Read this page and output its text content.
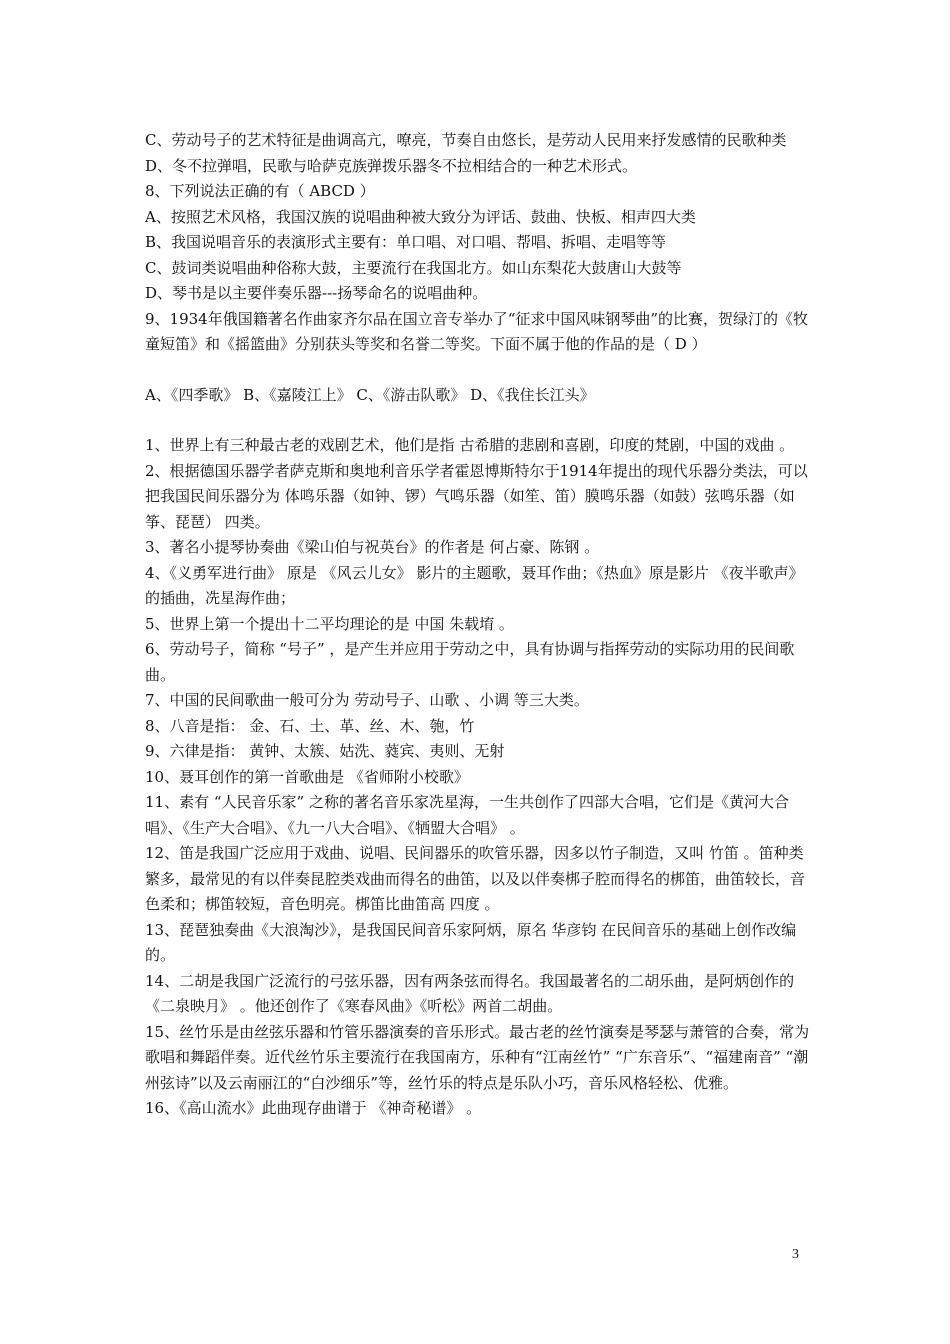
C、劳动号子的艺术特征是曲调高亢，嘹亮，节奏自由悠长，是劳动人民用来抒发感情的民歌种类

D、冬不拉弹唱，民歌与哈萨克族弹拨乐器冬不拉相结合的一种艺术形式。

8、下列说法正确的有（ ABCD ）

A、按照艺术风格，我国汉族的说唱曲种被大致分为评话、鼓曲、快板、相声四大类

B、我国说唱音乐的表演形式主要有：单口唱、对口唱、帮唱、拆唱、走唱等等

C、鼓词类说唱曲种俗称大鼓，主要流行在我国北方。如山东梨花大鼓唐山大鼓等

D、琴书是以主要伴奏乐器---扬琴命名的说唱曲种。

9、1934年俄国籍著名作曲家齐尔品在国立音专举办了“征求中国风味钢琴曲”的比赛，贺绿汀的《牧童短笛》和《摇篮曲》分别获头等奖和名誉二等奖。下面不属于他的作品的是（ D ）

A、《四季歌》 B、《嘉陵江上》 C、《游击队歌》 D、《我住长江头》

1、世界上有三种最古老的戏剧艺术，他们是指 古希腊的悲剧和喜剧，印度的梵剧，中国的戏曲 。

2、根据德国乐器学者萨克斯和奥地利音乐学者霍恩博斯特尔于1914年提出的现代乐器分类法，可以把我国民间乐器分为 体鸣乐器（如钟、锣）气鸣乐器（如笙、笛）膜鸣乐器（如鼓）弦鸣乐器（如筝、琵琶） 四类。

3、著名小提琴协奏曲《梁山伯与祝英台》的作者是 何占豪、陈钢 。

4、《义勇军进行曲》 原是 《风云儿女》 影片的主题歌，聂耳作曲；《热血》原是影片 《夜半歌声》 的插曲，冼星海作曲；

5、世界上第一个提出十二平均理论的是 中国 朱载堉 。

6、劳动号子，简称 “号子” ，是产生并应用于劳动之中，具有协调与指挥劳动的实际功用的民间歌曲。

7、中国的民间歌曲一般可分为 劳动号子、山歌 、小调 等三大类。

8、八音是指： 金、石、土、革、丝、木、匏，竹

9、六律是指： 黄钟、太簇、姑洗、蕤宾、夷则、无射

10、聂耳创作的第一首歌曲是 《省师附小校歌》

11、素有 “人民音乐家” 之称的著名音乐家冼星海，一生共创作了四部大合唱，它们是《黄河大合唱》、《生产大合唱》、《九一八大合唱》、《牺盟大合唱》 。

12、笛是我国广泛应用于戏曲、说唱、民间器乐的吹管乐器，因多以竹子制造，又叫 竹笛 。笛种类繁多，最常见的有以伴奏昆腔类戏曲而得名的曲笛，以及以伴奏梆子腔而得名的梆笛，曲笛较长，音色柔和；梆笛较短，音色明亮。梆笛比曲笛高 四度 。

13、琵琶独奏曲《大浪淘沙》，是我国民间音乐家阿炳，原名 华彦钧 在民间音乐的基础上创作改编的。

14、二胡是我国广泛流行的弓弦乐器，因有两条弦而得名。我国最著名的二胡乐曲，是阿炳创作的 《二泉映月》 。他还创作了《寒春风曲》《听松》两首二胡曲。

15、丝竹乐是由丝弦乐器和竹管乐器演奏的音乐形式。最古老的丝竹演奏是琴瑟与萧管的合奏，常为歌唱和舞蹈伴奏。近代丝竹乐主要流行在我国南方，乐种有“江南丝竹” “广东音乐”、“福建南音” “潮州弦诗”以及云南丽江的“白沙细乐”等，丝竹乐的特点是乐队小巧，音乐风格轻松、优雅。

16、《高山流水》此曲现存曲谱于 《神奇秘谱》 。

3
